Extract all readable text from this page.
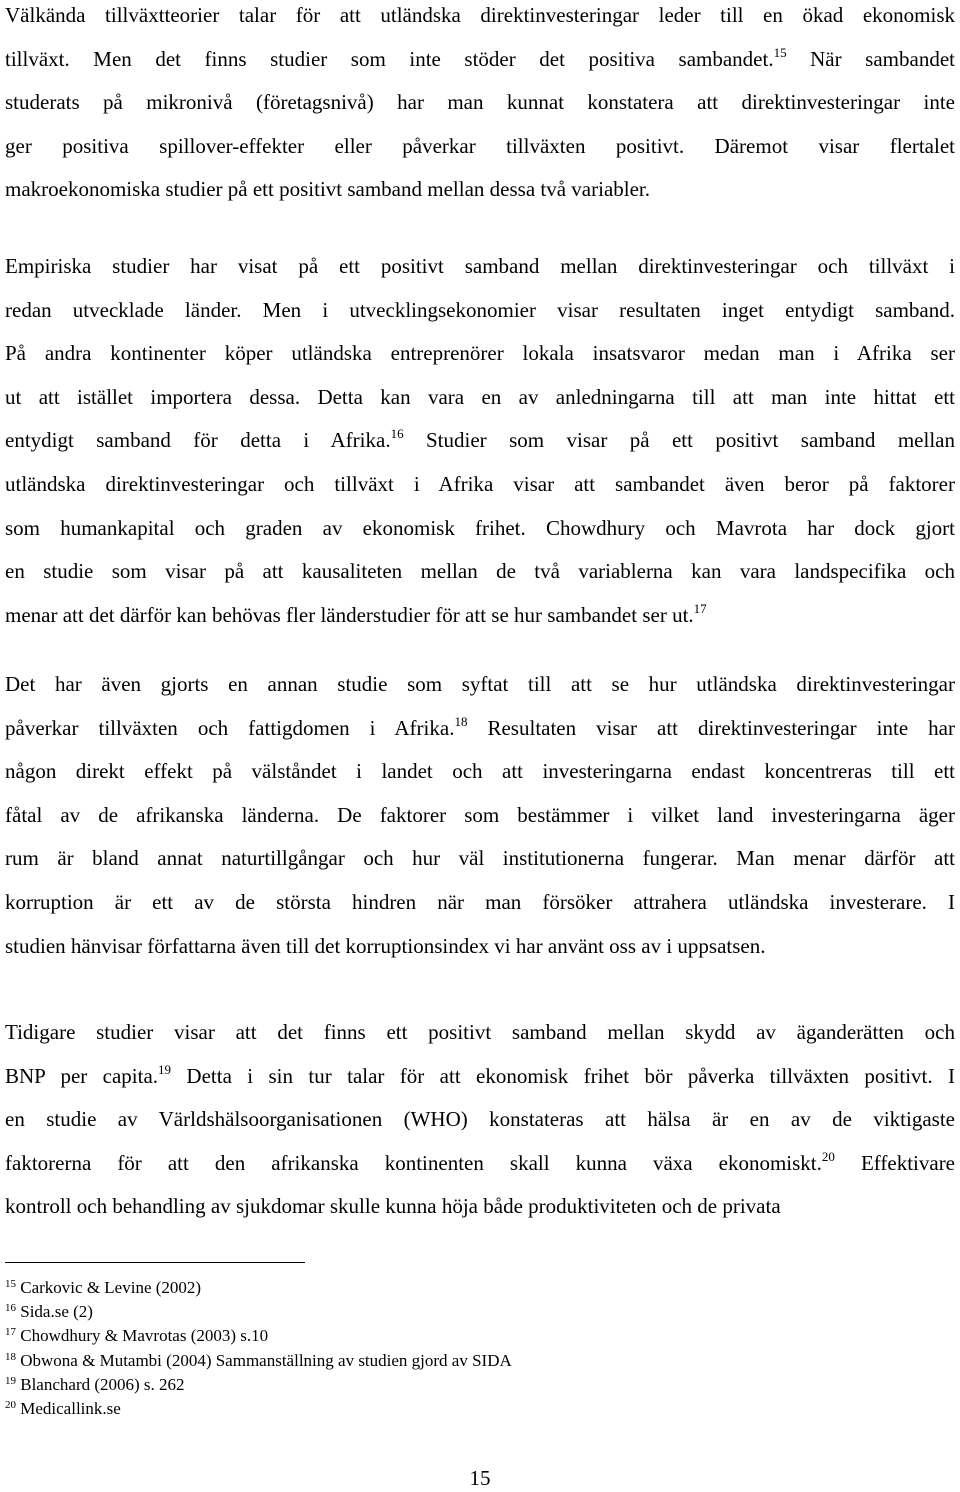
Välkända tillväxtteorier talar för att utländska direktinvesteringar leder till en ökad ekonomisk
tillväxt. Men det finns studier som inte stöder det positiva sambandet.$^{15}$ När sambandet
studerats på mikronivå (företagsnivå) har man kunnat konstatera att direktinvesteringar inte
ger positiva spillover-effekter eller påverkar tillväxten positivt. Däremot visar flertalet
makroekonomiska studier på ett positivt samband mellan dessa två variabler.
Empiriska studier har visat på ett positivt samband mellan direktinvesteringar och tillväxt i
redan utvecklade länder. Men i utvecklingsekonomier visar resultaten inget entydigt samband.
På andra kontinenter köper utländska entreprenörer lokala insatsvaror medan man i Afrika ser
ut att istället importera dessa. Detta kan vara en av anledningarna till att man inte hittat ett
entydigt samband för detta i Afrika.$^{16}$ Studier som visar på ett positivt samband mellan
utländska direktinvesteringar och tillväxt i Afrika visar att sambandet även beror på faktorer
som humankapital och graden av ekonomisk frihet. Chowdhury och Mavrota har dock gjort
en studie som visar på att kausaliteten mellan de två variablerna kan vara landspecifika och
menar att det därför kan behövas fler länderstudier för att se hur sambandet ser ut.$^{17}$
Det har även gjorts en annan studie som syftat till att se hur utländska direktinvesteringar
påverkar tillväxten och fattigdomen i Afrika.$^{18}$ Resultaten visar att direktinvesteringar inte har
någon direkt effekt på välståndet i landet och att investeringarna endast koncentreras till ett
fåtal av de afrikanska länderna. De faktorer som bestämmer i vilket land investeringarna äger
rum är bland annat naturtillgångar och hur väl institutionerna fungerar. Man menar därför att
korruption är ett av de största hindren när man försöker attrahera utländska investerare. I
studien hänvisar författarna även till det korruptionsindex vi har använt oss av i uppsatsen.
Tidigare studier visar att det finns ett positivt samband mellan skydd av äganderätten och
BNP per capita.$^{19}$ Detta i sin tur talar för att ekonomisk frihet bör påverka tillväxten positivt. I
en studie av Världshälsoorganisationen (WHO) konstateras att hälsa är en av de viktigaste
faktorerna för att den afrikanska kontinenten skall kunna växa ekonomiskt.$^{20}$ Effektivare
kontroll och behandling av sjukdomar skulle kunna höja både produktiviteten och de privata
$^{15}$ Carkovic & Levine (2002)
$^{16}$ Sida.se (2)
$^{17}$ Chowdhury & Mavrotas (2003) s.10
$^{18}$ Obwona & Mutambi (2004) Sammanställning av studien gjord av SIDA
$^{19}$ Blanchard (2006) s. 262
$^{20}$ Medicallink.se
15
